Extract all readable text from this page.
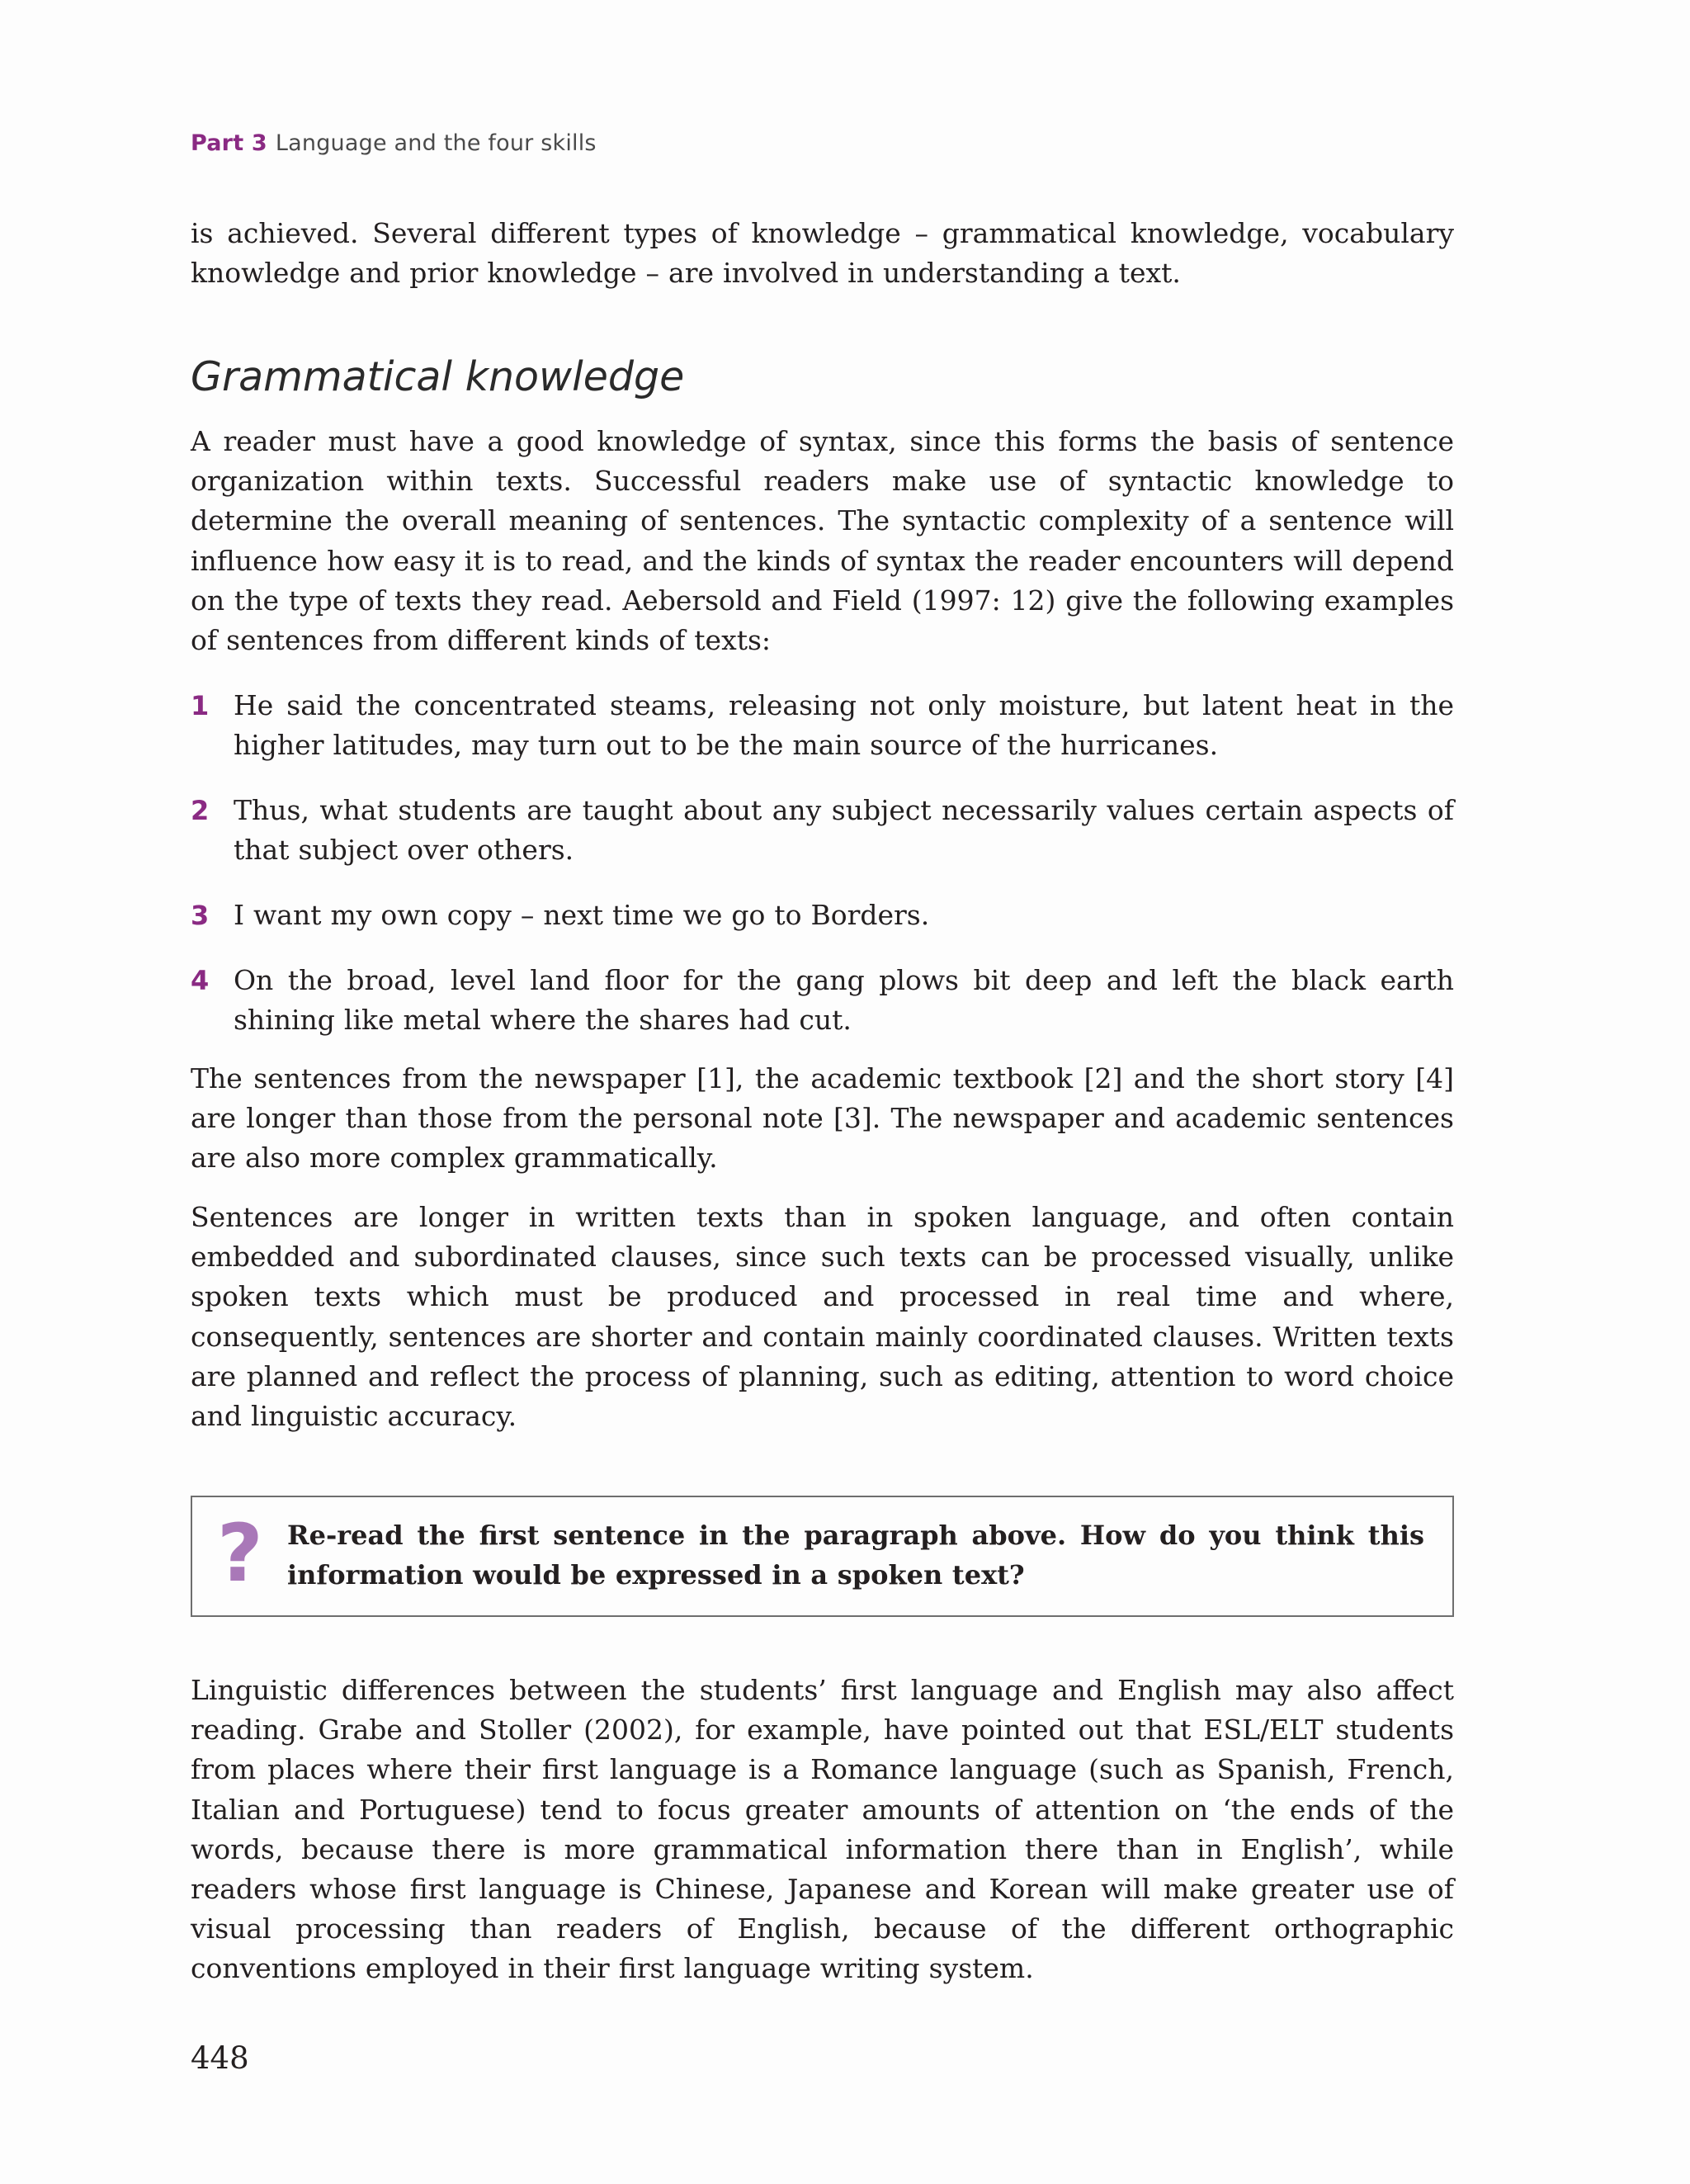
Part 3 Language and the four skills

is achieved. Several different types of knowledge – grammatical knowledge, vocabulary knowledge and prior knowledge – are involved in understanding a text.

Grammatical knowledge

A reader must have a good knowledge of syntax, since this forms the basis of sentence organization within texts. Successful readers make use of syntactic knowledge to determine the overall meaning of sentences. The syntactic complexity of a sentence will influence how easy it is to read, and the kinds of syntax the reader encounters will depend on the type of texts they read. Aebersold and Field (1997: 12) give the following examples of sentences from different kinds of texts:

1 He said the concentrated steams, releasing not only moisture, but latent heat in the higher latitudes, may turn out to be the main source of the hurricanes.

2 Thus, what students are taught about any subject necessarily values certain aspects of that subject over others.

3 I want my own copy – next time we go to Borders.

4 On the broad, level land floor for the gang plows bit deep and left the black earth shining like metal where the shares had cut.

The sentences from the newspaper [1], the academic textbook [2] and the short story [4] are longer than those from the personal note [3]. The newspaper and academic sentences are also more complex grammatically.

Sentences are longer in written texts than in spoken language, and often contain embedded and subordinated clauses, since such texts can be processed visually, unlike spoken texts which must be produced and processed in real time and where, consequently, sentences are shorter and contain mainly coordinated clauses. Written texts are planned and reflect the process of planning, such as editing, attention to word choice and linguistic accuracy.

? Re-read the first sentence in the paragraph above. How do you think this information would be expressed in a spoken text?

Linguistic differences between the students’ first language and English may also affect reading. Grabe and Stoller (2002), for example, have pointed out that ESL/ELT students from places where their first language is a Romance language (such as Spanish, French, Italian and Portuguese) tend to focus greater amounts of attention on ‘the ends of the words, because there is more grammatical information there than in English’, while readers whose first language is Chinese, Japanese and Korean will make greater use of visual processing than readers of English, because of the different orthographic conventions employed in their first language writing system.

448
